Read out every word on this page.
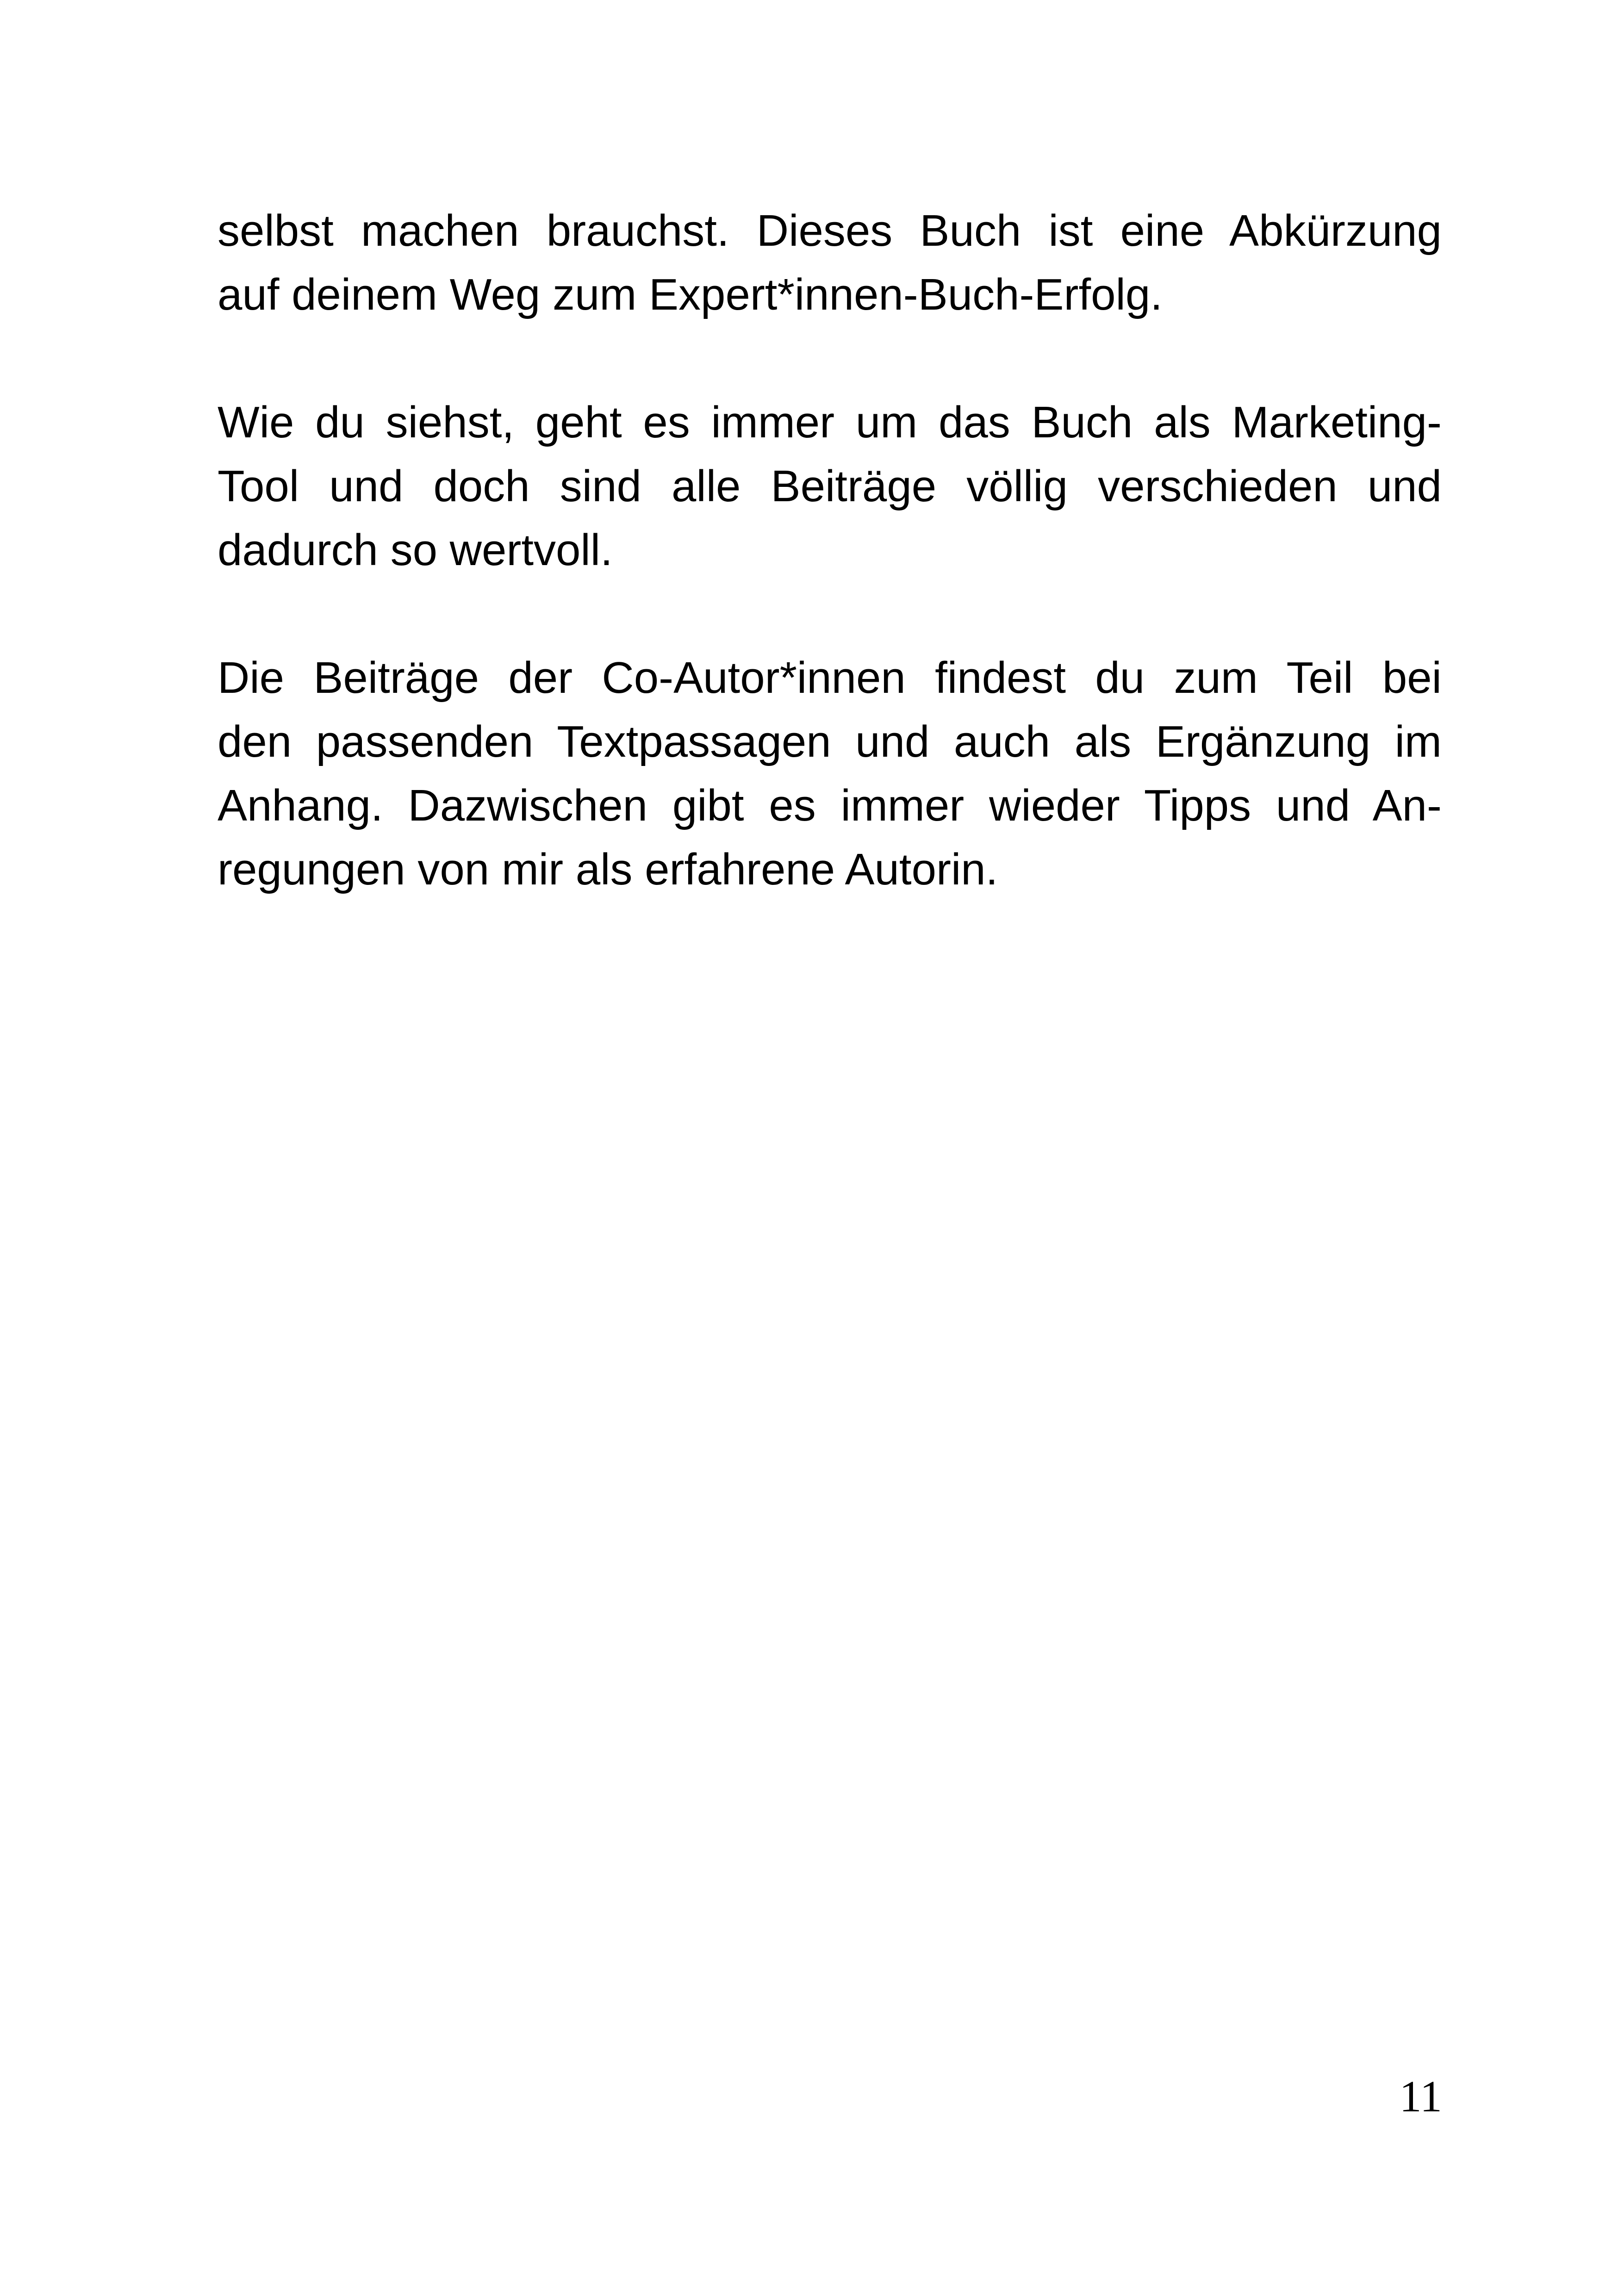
selbst machen brauchst. Dieses Buch ist eine Abkürzung
auf deinem Weg zum Expert*innen-Buch-Erfolg.
Wie du siehst, geht es immer um das Buch als Marketing-
Tool und doch sind alle Beiträge völlig verschieden und
dadurch so wertvoll.
Die Beiträge der Co-Autor*innen findest du zum Teil bei
den passenden Textpassagen und auch als Ergänzung im
Anhang. Dazwischen gibt es immer wieder Tipps und An-
regungen von mir als erfahrene Autorin.
11
